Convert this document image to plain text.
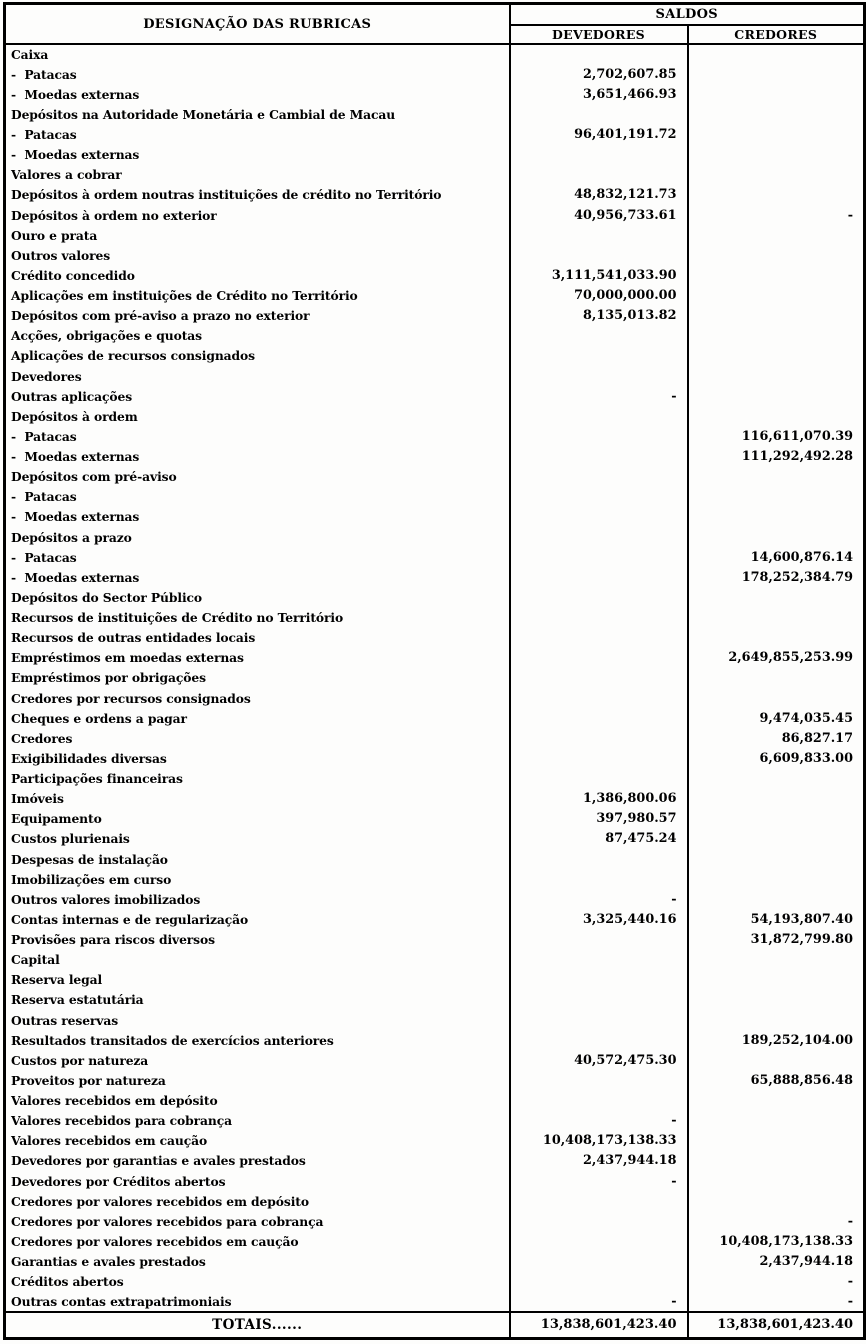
DESIGNAÇÃO DAS RUBRICAS	SALDOS	
	DEVEDORES	CREDORES
Caixa		
-  Patacas	2,702,607.85	
-  Moedas externas	3,651,466.93	
Depósitos na Autoridade Monetária e Cambial de Macau		
-  Patacas	96,401,191.72	
-  Moedas externas		
Valores a cobrar		
Depósitos à ordem noutras instituições de crédito no Território	48,832,121.73	
Depósitos à ordem no exterior	40,956,733.61	-
Ouro e prata		
Outros valores		
Crédito concedido	3,111,541,033.90	
Aplicações em instituições de Crédito no Território	70,000,000.00	
Depósitos com pré-aviso a prazo no exterior	8,135,013.82	
Acções, obrigações e quotas		
Aplicações de recursos consignados		
Devedores		
Outras aplicações	-	
Depósitos à ordem		
-  Patacas		116,611,070.39
-  Moedas externas		111,292,492.28
Depósitos com pré-aviso		
-  Patacas		
-  Moedas externas		
Depósitos a prazo		
-  Patacas		14,600,876.14
-  Moedas externas		178,252,384.79
Depósitos do Sector Público		
Recursos de instituições de Crédito no Território		
Recursos de outras entidades locais		
Empréstimos em moedas externas		2,649,855,253.99
Empréstimos por obrigações		
Credores por recursos consignados		
Cheques e ordens a pagar		9,474,035.45
Credores		86,827.17
Exigibilidades diversas		6,609,833.00
Participações financeiras		
Imóveis	1,386,800.06	
Equipamento	397,980.57	
Custos plurienais	87,475.24	
Despesas de instalação		
Imobilizações em curso		
Outros valores imobilizados	-	
Contas internas e de regularização	3,325,440.16	54,193,807.40
Provisões para riscos diversos		31,872,799.80
Capital		
Reserva legal		
Reserva estatutária		
Outras reservas		
Resultados transitados de exercícios anteriores		189,252,104.00
Custos por natureza	40,572,475.30	
Proveitos por natureza		65,888,856.48
Valores recebidos em depósito		
Valores recebidos para cobrança	-	
Valores recebidos em caução	10,408,173,138.33	
Devedores por garantias e avales prestados	2,437,944.18	
Devedores por Créditos abertos	-	
Credores por valores recebidos em depósito		
Credores por valores recebidos para cobrança		-
Credores por valores recebidos em caução		10,408,173,138.33
Garantias e avales prestados		2,437,944.18
Créditos abertos		-
Outras contas extrapatrimoniais	-	-
TOTAIS......	13,838,601,423.40	13,838,601,423.40
